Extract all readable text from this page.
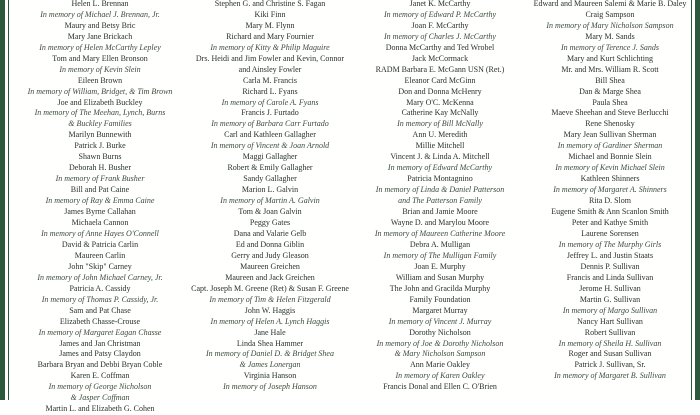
Helen L. Brennan
In memory of Michael J. Brennan, Jr.
Maury and Betsy Bric
Mary Jane Brickach
In memory of Helen McCarthy Lepley
Tom and Mary Ellen Bronson
In memory of Kevin Slein
Eileen Brown
In memory of William, Bridget, & Tim Brown
Joe and Elizabeth Buckley
In memory of The Meehan, Lynch, Burns
& Buckley Families
Marilyn Bunnewith
Patrick J. Burke
Shawn Burns
Deborah H. Busher
In memory of Frank Busher
Bill and Pat Caine
In memory of Ray & Emma Caine
James Byrne Callahan
Michaela Cannon
In memory of Anne Hayes O'Connell
David & Patricia Carlin
Maureen Carlin
John "Skip" Carney
In memory of John Michael Carney, Jr.
Patricia A. Cassidy
In memory of Thomas P. Cassidy, Jr.
Sam and Pat Chase
Elizabeth Chasse-Crouse
In memory of Margaret Eagan Chasse
James and Jan Christman
James and Patsy Claydon
Barbara Bryan and Debbi Bryan Coble
Karen E. Coffman
In memory of George Nicholson
& Jasper Coffman
Martin L. and Elizabeth G. Cohen
Stephen G. and Christine S. Fagan
Kiki Finn
Mary M. Flynn
Richard and Mary Fournier
In memory of Kitty & Philip Maguire
Drs. Heidi and Jim Fowler and Kevin, Connor
and Ainsley Fowler
Carla M. Francis
Richard L. Fyans
In memory of Carole A. Fyans
Francis J. Furtado
In memory of Barbara Carr Furtado
Carl and Kathleen Gallagher
In memory of Vincent & Joan Arnold
Maggi Gallagher
Robert & Emily Gallagher
Sandy Gallagher
Marion L. Galvin
In memory of Martin A. Galvin
Tom & Joan Galvin
Peggy Gates
Dana and Valarie Gelb
Ed and Donna Giblin
Gerry and Judy Gleason
Maureen Greichen
Maureen and Jack Greichen
Capt. Joseph M. Greene (Ret) & Susan F. Greene
In memory of Tim & Helen Fitzgerald
John W. Haggis
In memory of Helen A. Lynch Haggis
Jane Hale
Linda Shea Hammer
In memory of Daniel D. & Bridget Shea
& James Lonergan
Virginia Hanson
In memory of Joseph Hanson
Janet K. McCarthy
In memory of Edward P. McCarthy
Joan F. McCarthy
In memory of Charles J. McCarthy
Donna McCarthy and Ted Wrobel
Jack McCormack
RADM Barbara E. McGann USN (Ret.)
Eleanor Card McGinn
Don and Donna McHenry
Mary O'C. McKenna
Catherine Kay McNally
In memory of Bill McNally
Ann U. Meredith
Millie Mitchell
Vincent J. & Linda A. Mitchell
In memory of Edward McCarthy
Patricia Montagnino
In memory of Linda & Daniel Patterson
and The Patterson Family
Brian and Jamie Moore
Wayne D. and Marylou Moore
In memory of Maureen Catherine Moore
Debra A. Mulligan
In memory of The Mulligan Family
Joan E. Murphy
William and Susan Murphy
The John and Gracilda Murphy
Family Foundation
Margaret Murray
In memory of Vincent J. Murray
Dorothy Nicholson
In memory of Joe & Dorothy Nicholson
& Mary Nicholson Sampson
Ann Marie Oakley
In memory of Karen Oakley
Francis Donal and Ellen C. O'Brien
Edward and Maureen Salemi & Marie B. Daley
Craig Sampson
In memory of Mary Nicholson Sampson
Mary M. Sands
In memory of Terence J. Sands
Mary and Kurt Schlichting
Mr. and Mrs. William R. Scott
Bill Shea
Dan & Marge Shea
Paula Shea
Maeve Sheehan and Steve Berlucchi
Rene Shenosky
Mary Jean Sullivan Sherman
In memory of Gardiner Sherman
Michael and Bonnie Slein
In memory of Kevin Michael Slein
Kathleen Shinners
In memory of Margaret A. Shinners
Rita D. Slom
Eugene Smith & Ann Scanlon Smith
Peter and Kathye Smith
Laurene Sorensen
In memory of The Murphy Girls
Jeffrey L. and Justin Staats
Dennis P. Sullivan
Francis and Linda Sullivan
Jerome H. Sullivan
Martin G. Sullivan
In memory of Margo Sullivan
Nancy Hart Sullivan
Robert Sullivan
In memory of Sheila H. Sullivan
Roger and Susan Sullivan
Patrick J. Sullivan, Sr.
In memory of Margaret B. Sullivan
